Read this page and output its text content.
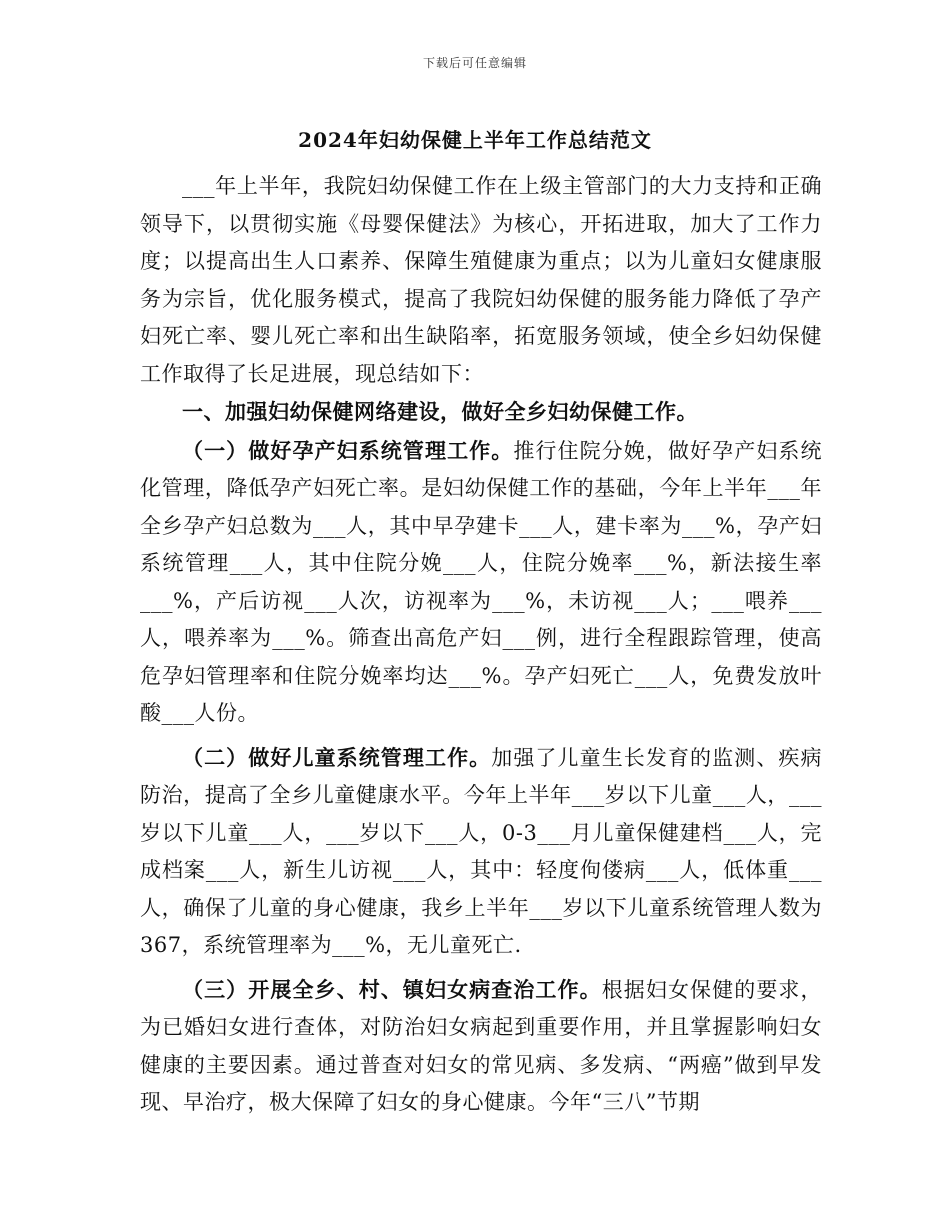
下载后可任意编辑
2024年妇幼保健上半年工作总结范文

___年上半年，我院妇幼保健工作在上级主管部门的大力支持和正确领导下，以贯彻实施《母婴保健法》为核心，开拓进取，加大了工作力度；以提高出生人口素养、保障生殖健康为重点；以为儿童妇女健康服务为宗旨，优化服务模式，提高了我院妇幼保健的服务能力降低了孕产妇死亡率、婴儿死亡率和出生缺陷率，拓宽服务领域，使全乡妇幼保健工作取得了长足进展，现总结如下：

一、加强妇幼保健网络建设，做好全乡妇幼保健工作。

（一）做好孕产妇系统管理工作。推行住院分娩，做好孕产妇系统化管理，降低孕产妇死亡率。是妇幼保健工作的基础，今年上半年___年全乡孕产妇总数为___人，其中早孕建卡___人，建卡率为___%，孕产妇系统管理___人，其中住院分娩___人，住院分娩率___%，新法接生率___%，产后访视___人次，访视率为___%，未访视___人；___喂养___人，喂养率为___%。筛查出高危产妇___例，进行全程跟踪管理，使高危孕妇管理率和住院分娩率均达___%。孕产妇死亡___人，免费发放叶酸___人份。

（二）做好儿童系统管理工作。加强了儿童生长发育的监测、疾病防治，提高了全乡儿童健康水平。今年上半年___岁以下儿童___人，___岁以下儿童___人，___岁以下___人，0-3___月儿童保健建档___人，完成档案___人，新生儿访视___人，其中：轻度佝偻病___人，低体重___人，确保了儿童的身心健康，我乡上半年___岁以下儿童系统管理人数为367，系统管理率为___%，无儿童死亡.

（三）开展全乡、村、镇妇女病查治工作。根据妇女保健的要求，为已婚妇女进行查体，对防治妇女病起到重要作用，并且掌握影响妇女健康的主要因素。通过普查对妇女的常见病、多发病、“两癌”做到早发现、早治疗，极大保障了妇女的身心健康。今年“三八”节期
